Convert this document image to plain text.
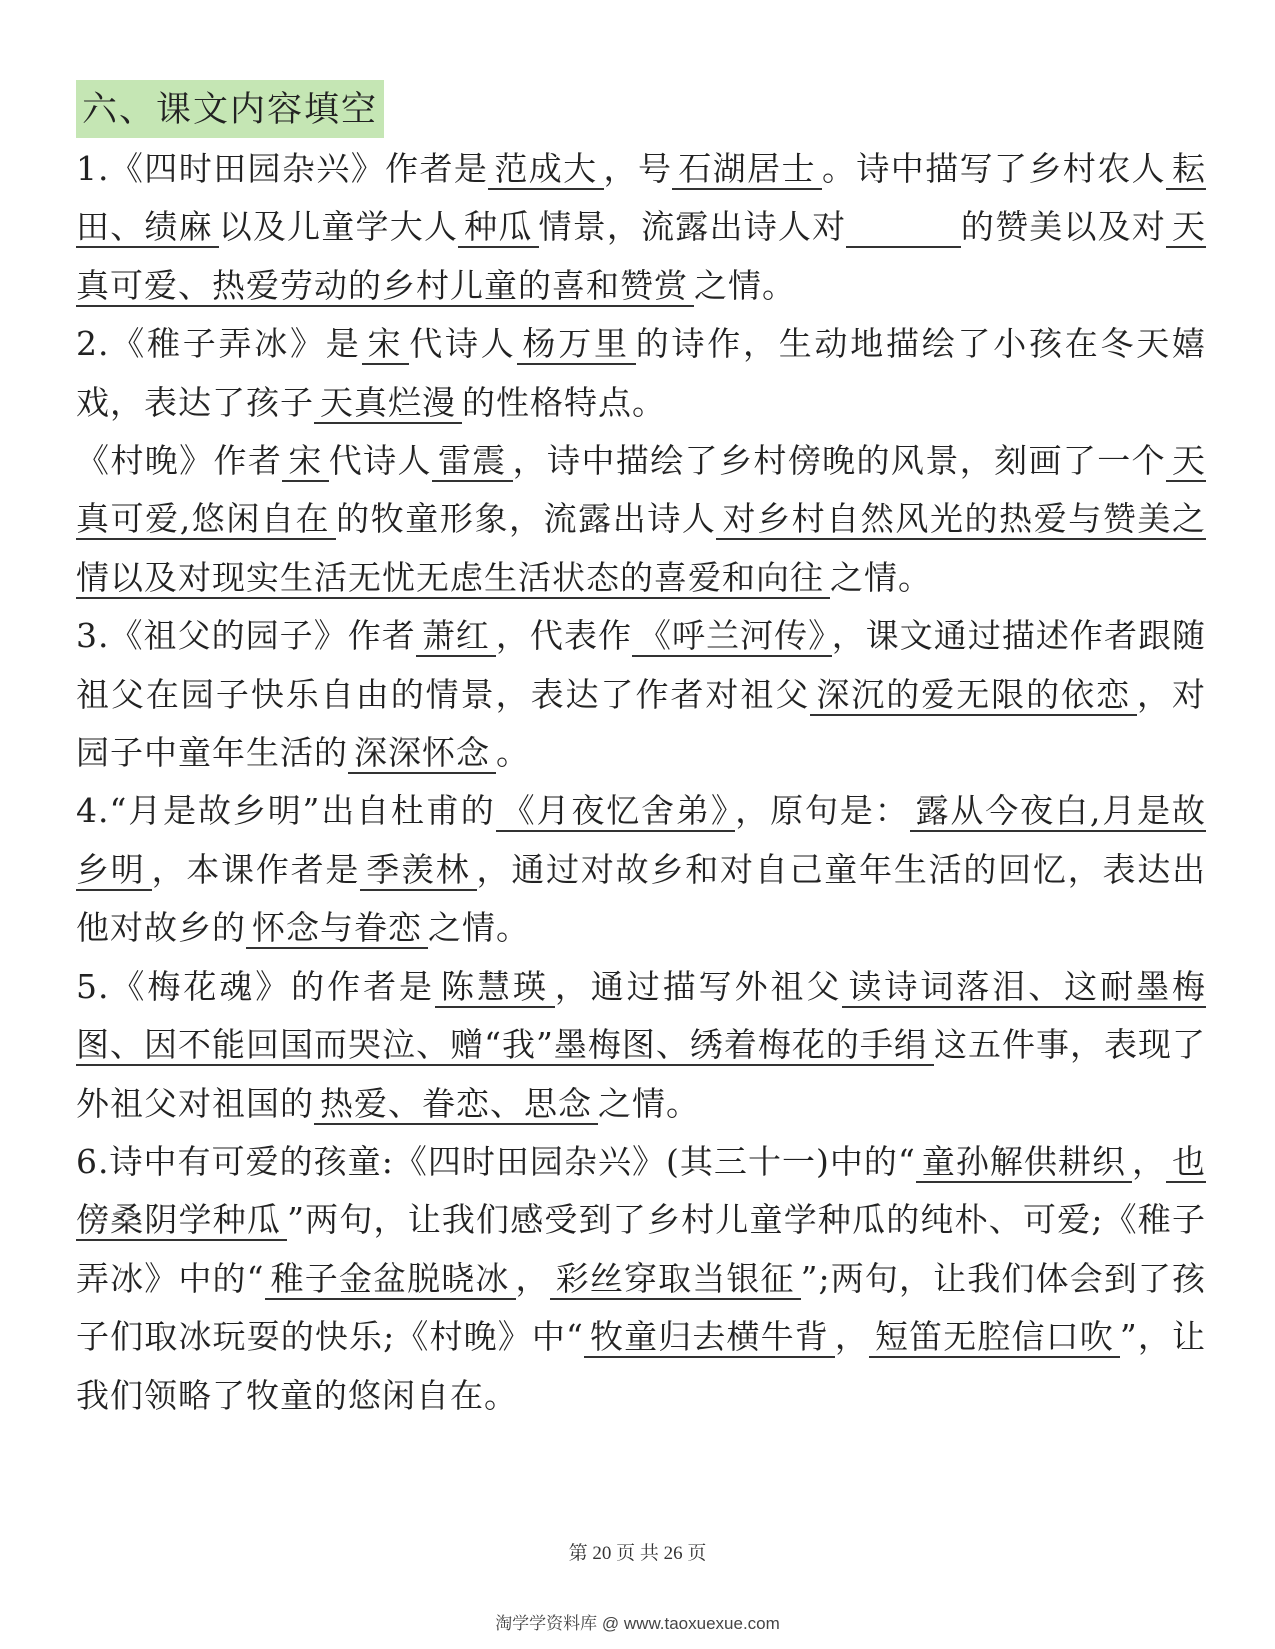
六、课文内容填空
1.《四时田园杂兴》作者是 范成大 ，号 石湖居士 。诗中描写了乡村农人 耘田、绩麻 以及儿童学大人 种瓜 情景，流露出诗人对　　　	的赞美以及对 天真可爱、热爱劳动的乡村儿童的喜和赞赏 之情。
2.《稚子弄冰》是 宋 代诗人 杨万里 的诗作，生动地描绘了小孩在冬天嬉戏，表达了孩子 天真烂漫 的性格特点。
《村晚》作者 宋 代诗人 雷震 ，诗中描绘了乡村傍晚的风景，刻画了一个 天真可爱,悠闲自在 的牧童形象，流露出诗人 对乡村自然风光的热爱与赞美之情以及对现实生活无忧无虑生活状态的喜爱和向往 之情。
3.《祖父的园子》作者 萧红 ，代表作 《呼兰河传》 ，课文通过描述作者跟随祖父在园子快乐自由的情景，表达了作者对祖父 深沉的爱无限的依恋 ，对园子中童年生活的 深深怀念 。
4.“月是故乡明”出自杜甫的 《月夜忆舍弟》 ，原句是： 露从今夜白,月是故乡明 ，本课作者是 季羡林 ，通过对故乡和对自己童年生活的回忆，表达出他对故乡的 怀念与眷恋 之情。
5.《梅花魂》的作者是 陈慧瑛 ，通过描写外祖父 读诗词落泪、这耐墨梅图、因不能回国而哭泣、赠“我”墨梅图、绣着梅花的手绢 这五件事，表现了外祖父对祖国的 热爱、眷恋、思念 之情。
6.诗中有可爱的孩童:《四时田园杂兴》(其三十一)中的“ 童孙解供耕织 ， 也傍桑阴学种瓜 ”两句，让我们感受到了乡村儿童学种瓜的纯朴、可爱;《稚子弄冰》中的“ 稚子金盆脱晓冰 ， 彩丝穿取当银征 ”;两句，让我们体会到了孩子们取冰玩耍的快乐;《村晚》中“ 牧童归去横牛背 ， 短笛无腔信口吹 ”，让我们领略了牧童的悠闲自在。
第 20 页 共 26 页
淘学学资料库 @ www.taoxuexue.com
